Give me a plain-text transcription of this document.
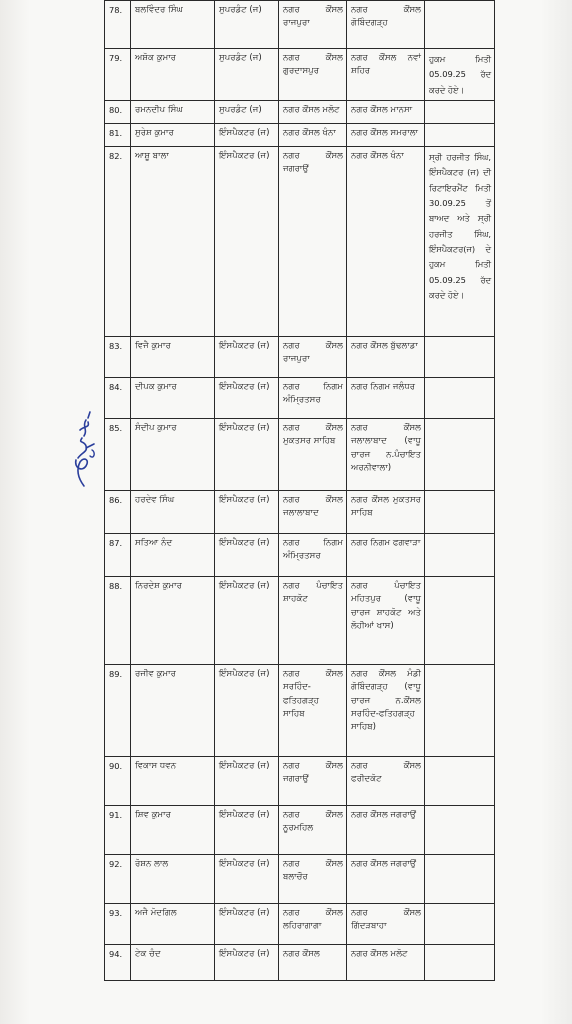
78.	ਬਲਵਿੰਦਰ ਸਿੰਘ	ਸੁਪਰਡੰਟ (ਜ)	ਨਗਰ ਕੌਂਸਲ ਰਾਜਪੁਰਾ	ਨਗਰ ਕੌਂਸਲ ਗੋਬਿੰਦਗੜ੍ਹ	
79.	ਅਸ਼ੋਕ ਕੁਮਾਰ	ਸੁਪਰਡੰਟ (ਜ)	ਨਗਰ ਕੌਂਸਲ ਗੁਰਦਾਸਪੁਰ	ਨਗਰ ਕੌਂਸਲ ਨਵਾਂ ਸ਼ਹਿਰ	ਹੁਕਮ ਮਿਤੀ 05.09.25 ਰੱਦ ਕਰਦੇ ਹੋਏ।
80.	ਰਮਨਦੀਪ ਸਿੰਘ	ਸੁਪਰਡੰਟ (ਜ)	ਨਗਰ ਕੌਂਸਲ ਮਲੋਟ	ਨਗਰ ਕੌਂਸਲ ਮਾਨਸਾ	
81.	ਸੁਰੇਸ਼ ਕੁਮਾਰ	ਇੰਸਪੈਕਟਰ (ਜ)	ਨਗਰ ਕੌਂਸਲ ਖੰਨਾ	ਨਗਰ ਕੌਂਸਲ ਸਮਰਾਲਾ	
82.	ਆਸ਼ੂ ਬਾਲਾ	ਇੰਸਪੈਕਟਰ (ਜ)	ਨਗਰ ਕੌਂਸਲ ਜਗਰਾਉਂ	ਨਗਰ ਕੌਂਸਲ ਖੰਨਾ	ਸ੍ਰੀ ਹਰਜੀਤ ਸਿੰਘ, ਇੰਸਪੈਕਟਰ (ਜ) ਦੀ ਰਿਟਾਇਰਮੈਂਟ ਮਿਤੀ 30.09.25 ਤੋਂ ਬਾਅਦ ਅਤੇ ਸ੍ਰੀ ਹਰਜੀਤ ਸਿੰਘ, ਇੰਸਪੈਕਟਰ(ਜ) ਦੇ ਹੁਕਮ ਮਿਤੀ 05.09.25 ਰੱਦ ਕਰਦੇ ਹੋਏ।
83.	ਵਿਜੈ ਕੁਮਾਰ	ਇੰਸਪੈਕਟਰ (ਜ)	ਨਗਰ ਕੌਂਸਲ ਰਾਜਪੁਰਾ	ਨਗਰ ਕੌਂਸਲ ਬੁੱਢਲਾਡਾ	
84.	ਦੀਪਕ ਕੁਮਾਰ	ਇੰਸਪੈਕਟਰ (ਜ)	ਨਗਰ ਨਿਗਮ ਅੰਮ੍ਰਿਤਸਰ	ਨਗਰ ਨਿਗਮ ਜਲੰਧਰ	
85.	ਸੰਦੀਪ ਕੁਮਾਰ	ਇੰਸਪੈਕਟਰ (ਜ)	ਨਗਰ ਕੌਂਸਲ ਮੁਕਤਸਰ ਸਾਹਿਬ	ਨਗਰ ਕੌਂਸਲ ਜਲਾਲਾਬਾਦ (ਵਾਧੂ ਚਾਰਜ ਨ.ਪੰਚਾਇਤ ਅਰਨੀਵਾਲਾ)	
86.	ਹਰਦੇਵ ਸਿੰਘ	ਇੰਸਪੈਕਟਰ (ਜ)	ਨਗਰ ਕੌਂਸਲ ਜਲਾਲਾਬਾਦ	ਨਗਰ ਕੌਂਸਲ ਮੁਕਤਸਰ ਸਾਹਿਬ	
87.	ਸਤਿਆ ਨੰਦ	ਇੰਸਪੈਕਟਰ (ਜ)	ਨਗਰ ਨਿਗਮ ਅੰਮ੍ਰਿਤਸਰ	ਨਗਰ ਨਿਗਮ ਫਗਵਾੜਾ	
88.	ਨਿਰਦੇਸ਼ ਕੁਮਾਰ	ਇੰਸਪੈਕਟਰ (ਜ)	ਨਗਰ ਪੰਚਾਇਤ ਸ਼ਾਹਕੋਟ	ਨਗਰ ਪੰਚਾਇਤ ਮਹਿਤਪੁਰ (ਵਾਧੂ ਚਾਰਜ ਸ਼ਾਹਕੋਟ ਅਤੇ ਲੋਹੀਆਂ ਖਾਸ)	
89.	ਰਜੀਵ ਕੁਮਾਰ	ਇੰਸਪੈਕਟਰ (ਜ)	ਨਗਰ ਕੌਂਸਲ ਸਰਹਿੰਦ-ਫਤਿਹਗੜ੍ਹ ਸਾਹਿਬ	ਨਗਰ ਕੌਂਸਲ ਮੰਡੀ ਗੋਬਿੰਦਗੜ੍ਹ (ਵਾਧੂ ਚਾਰਜ ਨ.ਕੌਂਸਲ ਸਰਹਿੰਦ-ਫਤਿਹਗੜ੍ਹ ਸਾਹਿਬ)	
90.	ਵਿਕਾਸ ਧਵਨ	ਇੰਸਪੈਕਟਰ (ਜ)	ਨਗਰ ਕੌਂਸਲ ਜਗਰਾਉਂ	ਨਗਰ ਕੌਂਸਲ ਫਰੀਦਕੋਟ	
91.	ਸ਼ਿਵ ਕੁਮਾਰ	ਇੰਸਪੈਕਟਰ (ਜ)	ਨਗਰ ਕੌਂਸਲ ਨੂਰਮਹਿਲ	ਨਗਰ ਕੌਂਸਲ ਜਗਰਾਉਂ	
92.	ਰੋਸ਼ਨ ਲਾਲ	ਇੰਸਪੈਕਟਰ (ਜ)	ਨਗਰ ਕੌਂਸਲ ਬਲਾਚੌਰ	ਨਗਰ ਕੌਂਸਲ ਜਗਰਾਉਂ	
93.	ਅਜੈ ਮੋਦਗਿਲ	ਇੰਸਪੈਕਟਰ (ਜ)	ਨਗਰ ਕੌਂਸਲ ਲਹਿਰਾਗਾਗਾ	ਨਗਰ ਕੌਂਸਲ ਗਿੱਦੜਬਾਹਾ	
94.	ਟੇਕ ਚੰਦ	ਇੰਸਪੈਕਟਰ (ਜ)	ਨਗਰ ਕੌਂਸਲ	ਨਗਰ ਕੌਂਸਲ ਮਲੋਟ	
